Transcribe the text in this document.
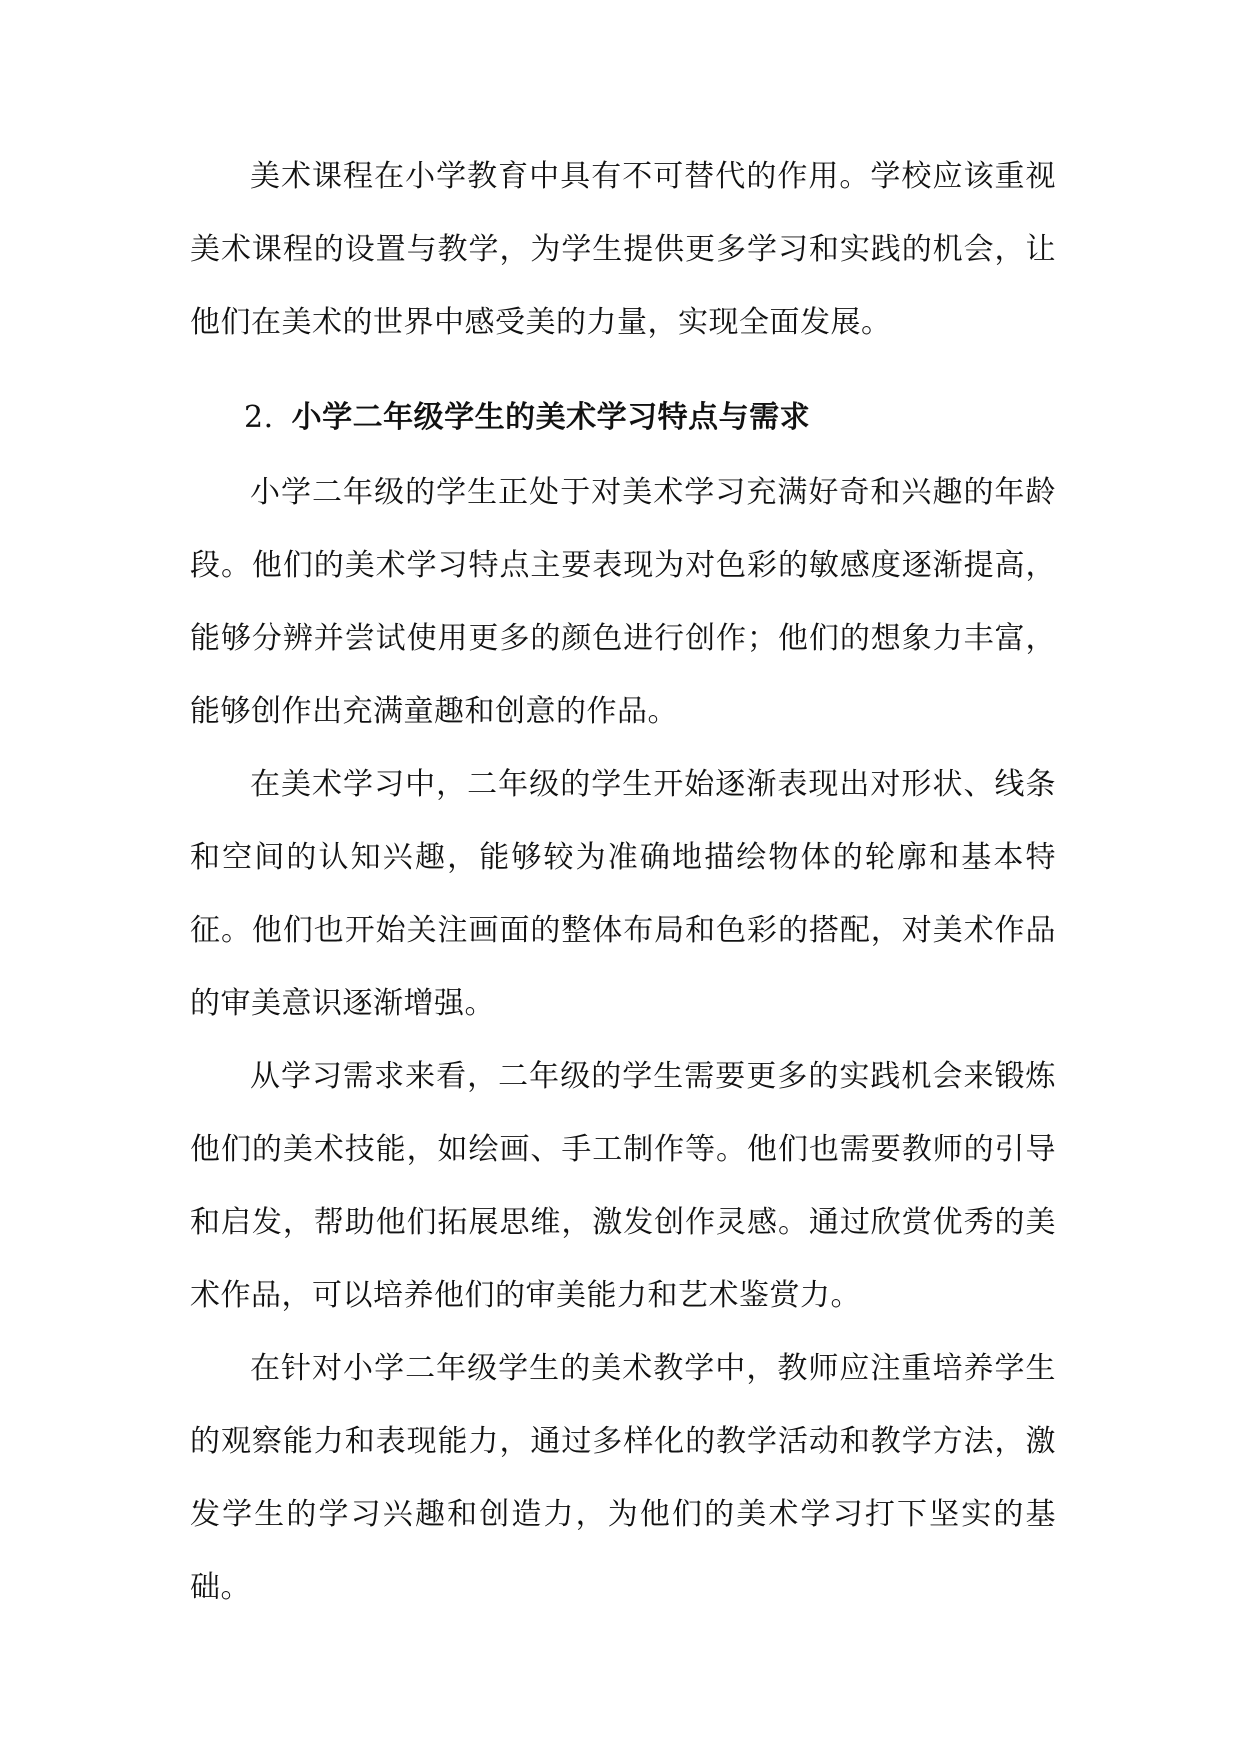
美术课程在小学教育中具有不可替代的作用。学校应该重视美术课程的设置与教学，为学生提供更多学习和实践的机会，让他们在美术的世界中感受美的力量，实现全面发展。

2. 小学二年级学生的美术学习特点与需求

小学二年级的学生正处于对美术学习充满好奇和兴趣的年龄段。他们的美术学习特点主要表现为对色彩的敏感度逐渐提高，能够分辨并尝试使用更多的颜色进行创作；他们的想象力丰富，能够创作出充满童趣和创意的作品。

在美术学习中，二年级的学生开始逐渐表现出对形状、线条和空间的认知兴趣，能够较为准确地描绘物体的轮廓和基本特征。他们也开始关注画面的整体布局和色彩的搭配，对美术作品的审美意识逐渐增强。

从学习需求来看，二年级的学生需要更多的实践机会来锻炼他们的美术技能，如绘画、手工制作等。他们也需要教师的引导和启发，帮助他们拓展思维，激发创作灵感。通过欣赏优秀的美术作品，可以培养他们的审美能力和艺术鉴赏力。

在针对小学二年级学生的美术教学中，教师应注重培养学生的观察能力和表现能力，通过多样化的教学活动和教学方法，激发学生的学习兴趣和创造力，为他们的美术学习打下坚实的基础。
